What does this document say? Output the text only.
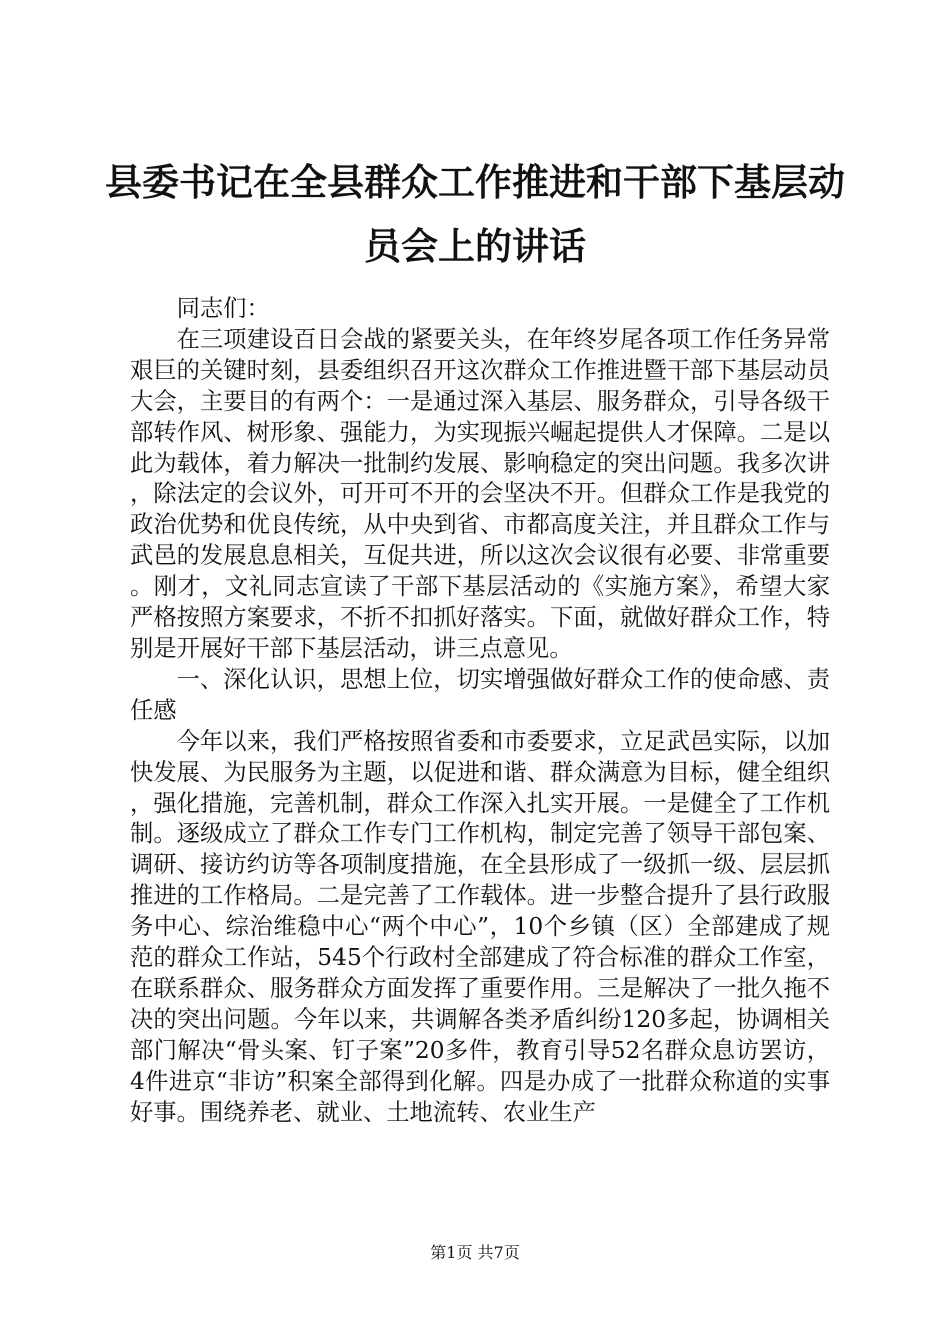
县委书记在全县群众工作推进和干部下基层动
员会上的讲话

同志们：

在三项建设百日会战的紧要关头，在年终岁尾各项工作任务异常艰巨的关键时刻，县委组织召开这次群众工作推进暨干部下基层动员大会，主要目的有两个：一是通过深入基层、服务群众，引导各级干部转作风、树形象、强能力，为实现振兴崛起提供人才保障。二是以此为载体，着力解决一批制约发展、影响稳定的突出问题。我多次讲，除法定的会议外，可开可不开的会坚决不开。但群众工作是我党的政治优势和优良传统，从中央到省、市都高度关注，并且群众工作与武邑的发展息息相关，互促共进，所以这次会议很有必要、非常重要。刚才，文礼同志宣读了干部下基层活动的《实施方案》，希望大家严格按照方案要求，不折不扣抓好落实。下面，就做好群众工作，特别是开展好干部下基层活动，讲三点意见。

一、深化认识，思想上位，切实增强做好群众工作的使命感、责任感

今年以来，我们严格按照省委和市委要求，立足武邑实际，以加快发展、为民服务为主题，以促进和谐、群众满意为目标，健全组织，强化措施，完善机制，群众工作深入扎实开展。一是健全了工作机制。逐级成立了群众工作专门工作机构，制定完善了领导干部包案、调研、接访约访等各项制度措施，在全县形成了一级抓一级、层层抓推进的工作格局。二是完善了工作载体。进一步整合提升了县行政服务中心、综治维稳中心“两个中心”，10个乡镇（区）全部建成了规范的群众工作站，545个行政村全部建成了符合标准的群众工作室，在联系群众、服务群众方面发挥了重要作用。三是解决了一批久拖不决的突出问题。今年以来，共调解各类矛盾纠纷120多起，协调相关部门解决“骨头案、钉子案”20多件，教育引导52名群众息访罢访，4件进京“非访”积案全部得到化解。四是办成了一批群众称道的实事好事。围绕养老、就业、土地流转、农业生产

第1页 共7页
